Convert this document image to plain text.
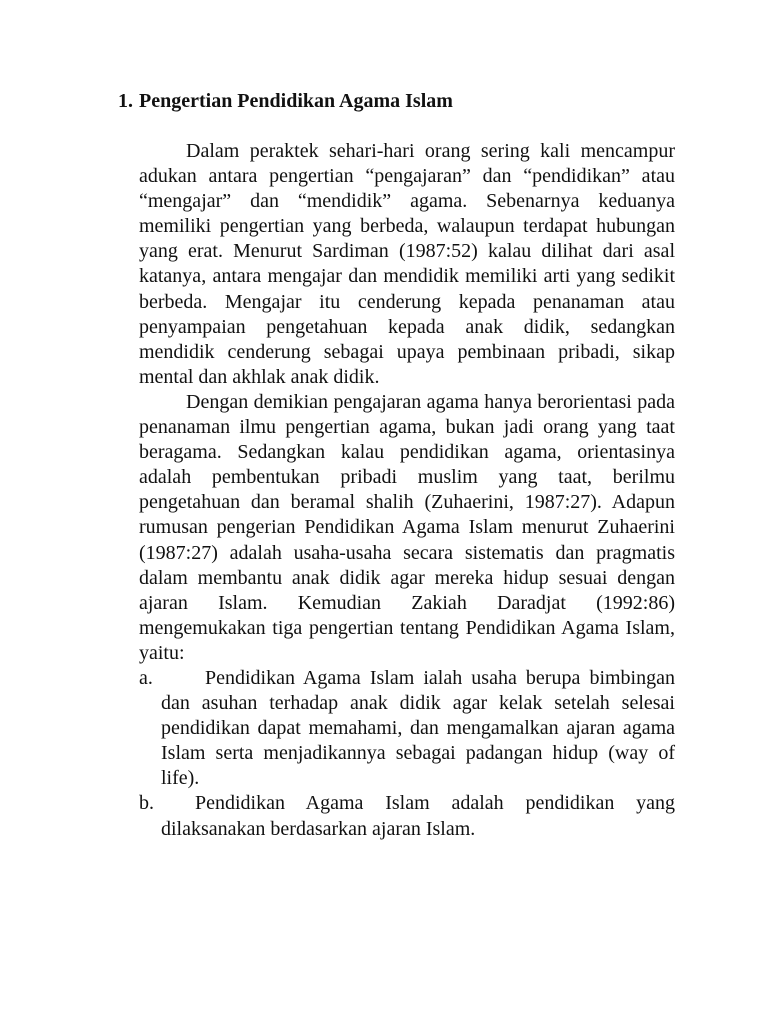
1. Pengertian Pendidikan Agama Islam

Dalam peraktek sehari-hari orang sering kali mencampur adukan antara pengertian “pengajaran” dan “pendidikan” atau “mengajar” dan “mendidik” agama. Sebenarnya keduanya memiliki pengertian yang berbeda, walaupun terdapat hubungan yang erat. Menurut Sardiman (1987:52) kalau dilihat dari asal katanya, antara mengajar dan mendidik memiliki arti yang sedikit berbeda. Mengajar itu cenderung kepada penanaman atau penyampaian pengetahuan kepada anak didik, sedangkan mendidik cenderung sebagai upaya pembinaan pribadi, sikap mental dan akhlak anak didik.

Dengan demikian pengajaran agama hanya berorientasi pada penanaman ilmu pengertian agama, bukan jadi orang yang taat beragama. Sedangkan kalau pendidikan agama, orientasinya adalah pembentukan pribadi muslim yang taat, berilmu pengetahuan dan beramal shalih (Zuhaerini, 1987:27). Adapun rumusan pengerian Pendidikan Agama Islam menurut Zuhaerini (1987:27) adalah usaha-usaha secara sistematis dan pragmatis dalam membantu anak didik agar mereka hidup sesuai dengan ajaran Islam. Kemudian Zakiah Daradjat (1992:86) mengemukakan tiga pengertian tentang Pendidikan Agama Islam, yaitu:

a.	Pendidikan Agama Islam ialah usaha berupa bimbingan dan asuhan terhadap anak didik agar kelak setelah selesai pendidikan dapat memahami, dan mengamalkan ajaran agama Islam serta menjadikannya sebagai padangan hidup (way of life).
b. Pendidikan Agama Islam adalah pendidikan yang dilaksanakan berdasarkan ajaran Islam.
